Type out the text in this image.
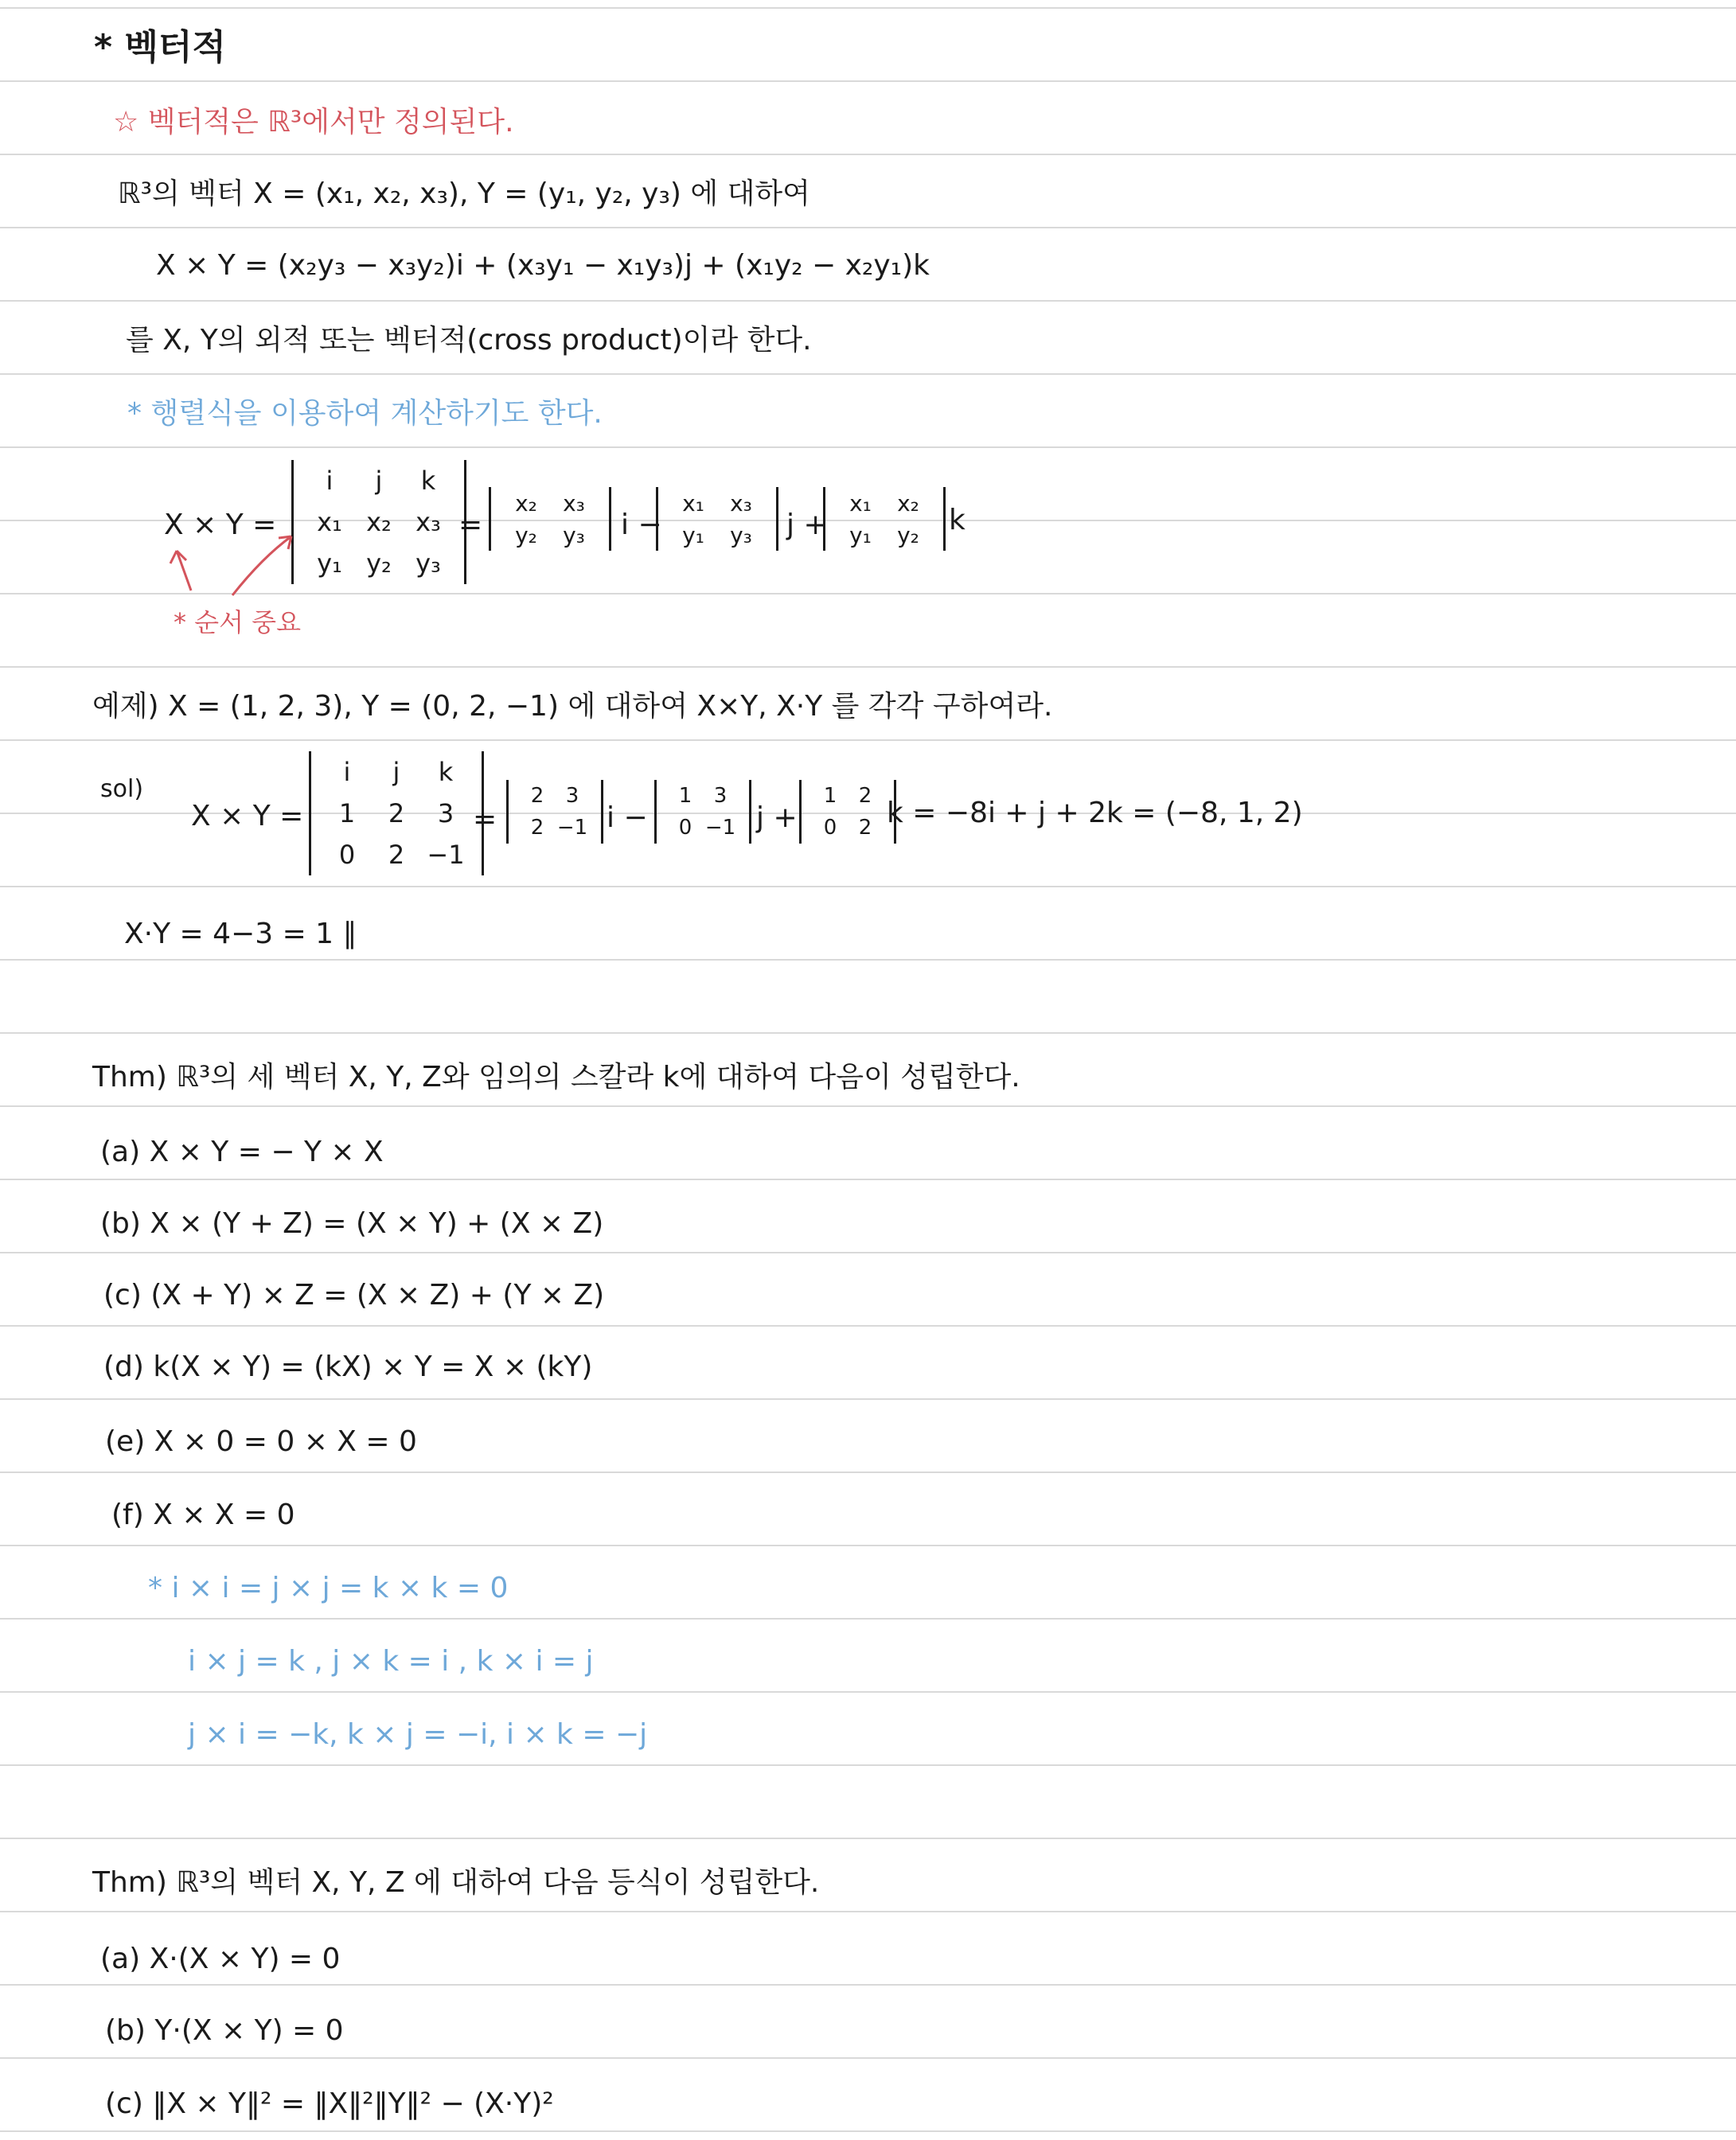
* 벡터적
☆ 벡터적은 ℝ³에서만 정의된다.
ℝ³의 벡터 X = (x₁, x₂, x₃), Y = (y₁, y₂, y₃) 에 대하여
X × Y = (x₂y₃ − x₃y₂)i + (x₃y₁ − x₁y₃)j + (x₁y₂ − x₂y₁)k
를 X, Y의 외적 또는 벡터적(cross product)이라 한다.
* 행렬식을 이용하여 계산하기도 한다.
X × Y =
i j k
x₁ x₂ x₃
y₁ y₂ y₃
=
x₂ x₃
y₂ y₃ i −
x₁ x₃
y₁ y₃ j +
x₁ x₂
y₁ y₂ k
* 순서 중요
예제) X = (1, 2, 3), Y = (0, 2, −1) 에 대하여 X×Y, X·Y 를 각각 구하여라.
sol)
X × Y =
i j k
1 2 3
0 2 −1
=
2 3
2 −1 i −
1 3
0 −1 j +
1 2
0 2 k = −8i + j + 2k = (−8, 1, 2)
X·Y = 4−3 = 1 ∥
Thm) ℝ³의 세 벡터 X, Y, Z와 임의의 스칼라 k에 대하여 다음이 성립한다.
(a) X × Y = − Y × X
(b) X × (Y + Z) = (X × Y) + (X × Z)
(c) (X + Y) × Z = (X × Z) + (Y × Z)
(d) k(X × Y) = (kX) × Y = X × (kY)
(e) X × 0 = 0 × X = 0
(f) X × X = 0
* i × i = j × j = k × k = 0
i × j = k , j × k = i , k × i = j
j × i = −k, k × j = −i, i × k = −j
Thm) ℝ³의 벡터 X, Y, Z 에 대하여 다음 등식이 성립한다.
(a) X·(X × Y) = 0
(b) Y·(X × Y) = 0
(c) ‖X × Y‖² = ‖X‖²‖Y‖² − (X·Y)²
